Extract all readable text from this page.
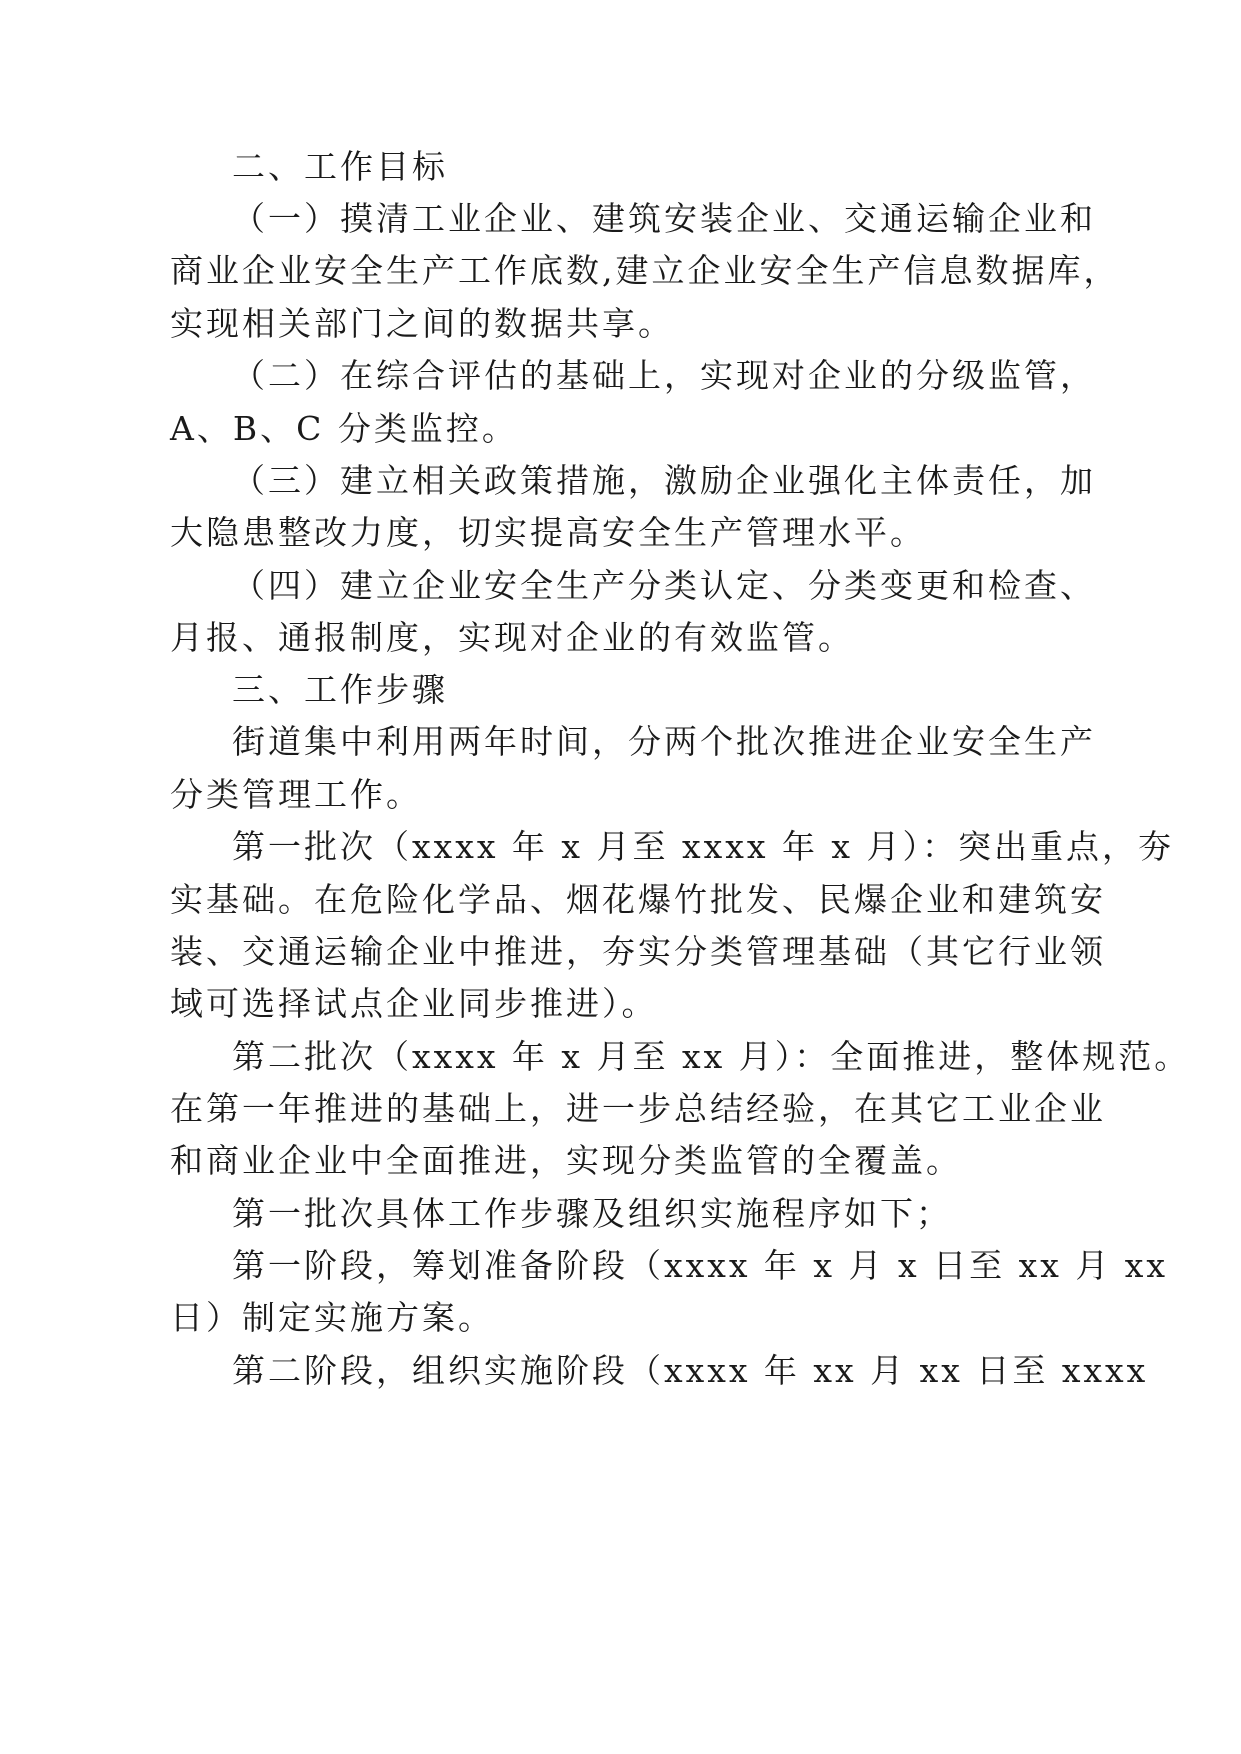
二、工作目标
（一）摸清工业企业、建筑安装企业、交通运输企业和
商业企业安全生产工作底数,建立企业安全生产信息数据库，
实现相关部门之间的数据共享。
（二）在综合评估的基础上，实现对企业的分级监管，
A、B、C 分类监控。
（三）建立相关政策措施，激励企业强化主体责任，加
大隐患整改力度，切实提高安全生产管理水平。
（四）建立企业安全生产分类认定、分类变更和检查、
月报、通报制度，实现对企业的有效监管。
三、工作步骤
街道集中利用两年时间，分两个批次推进企业安全生产
分类管理工作。
第一批次（xxxx 年 x 月至 xxxx 年 x 月）：突出重点，夯
实基础。在危险化学品、烟花爆竹批发、民爆企业和建筑安
装、交通运输企业中推进，夯实分类管理基础（其它行业领
域可选择试点企业同步推进）。
第二批次（xxxx 年 x 月至 xx 月）：全面推进，整体规范。
在第一年推进的基础上，进一步总结经验，在其它工业企业
和商业企业中全面推进，实现分类监管的全覆盖。
第一批次具体工作步骤及组织实施程序如下；
第一阶段，筹划准备阶段（xxxx 年 x 月 x 日至 xx 月 xx
日）制定实施方案。
第二阶段，组织实施阶段（xxxx 年 xx 月 xx 日至 xxxx
